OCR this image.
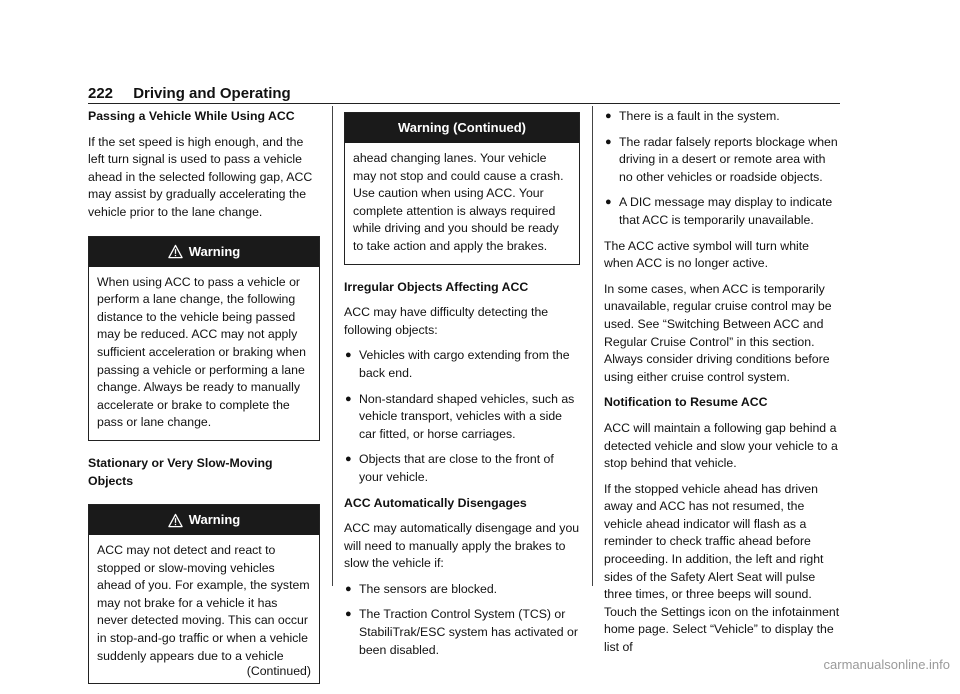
222 Driving and Operating
Passing a Vehicle While Using ACC

If the set speed is high enough, and the left turn signal is used to pass a vehicle ahead in the selected following gap, ACC may assist by gradually accelerating the vehicle prior to the lane change.

Warning

When using ACC to pass a vehicle or perform a lane change, the following distance to the vehicle being passed may be reduced. ACC may not apply sufficient acceleration or braking when passing a vehicle or performing a lane change. Always be ready to manually accelerate or brake to complete the pass or lane change.

Stationary or Very Slow-Moving Objects
Warning

ACC may not detect and react to stopped or slow-moving vehicles ahead of you. For example, the system may not brake for a vehicle it has never detected moving. This can occur in stop-and-go traffic or when a vehicle suddenly appears due to a vehicle

(Continued)
Warning (Continued)

ahead changing lanes. Your vehicle may not stop and could cause a crash. Use caution when using ACC. Your complete attention is always required while driving and you should be ready to take action and apply the brakes.

Irregular Objects Affecting ACC

ACC may have difficulty detecting the following objects:

● Vehicles with cargo extending from the back end.
● Non-standard shaped vehicles, such as vehicle transport, vehicles with a side car fitted, or horse carriages.
● Objects that are close to the front of your vehicle.
ACC Automatically Disengages

ACC may automatically disengage and you will need to manually apply the brakes to slow the vehicle if:

● The sensors are blocked.
● The Traction Control System (TCS) or StabiliTrak/ESC system has activated or been disabled.
● There is a fault in the system.
● The radar falsely reports blockage when driving in a desert or remote area with no other vehicles or roadside objects.
● A DIC message may display to indicate that ACC is temporarily unavailable.

The ACC active symbol will turn white when ACC is no longer active.

In some cases, when ACC is temporarily unavailable, regular cruise control may be used. See “Switching Between ACC and Regular Cruise Control” in this section. Always consider driving conditions before using either cruise control system.

Notification to Resume ACC

ACC will maintain a following gap behind a detected vehicle and slow your vehicle to a stop behind that vehicle.

If the stopped vehicle ahead has driven away and ACC has not resumed, the vehicle ahead indicator will flash as a reminder to check traffic ahead before proceeding. In addition, the left and right sides of the Safety Alert Seat will pulse three times, or three beeps will sound. Touch the Settings icon on the infotainment home page. Select “Vehicle” to display the list of

carmanualsonline.info
